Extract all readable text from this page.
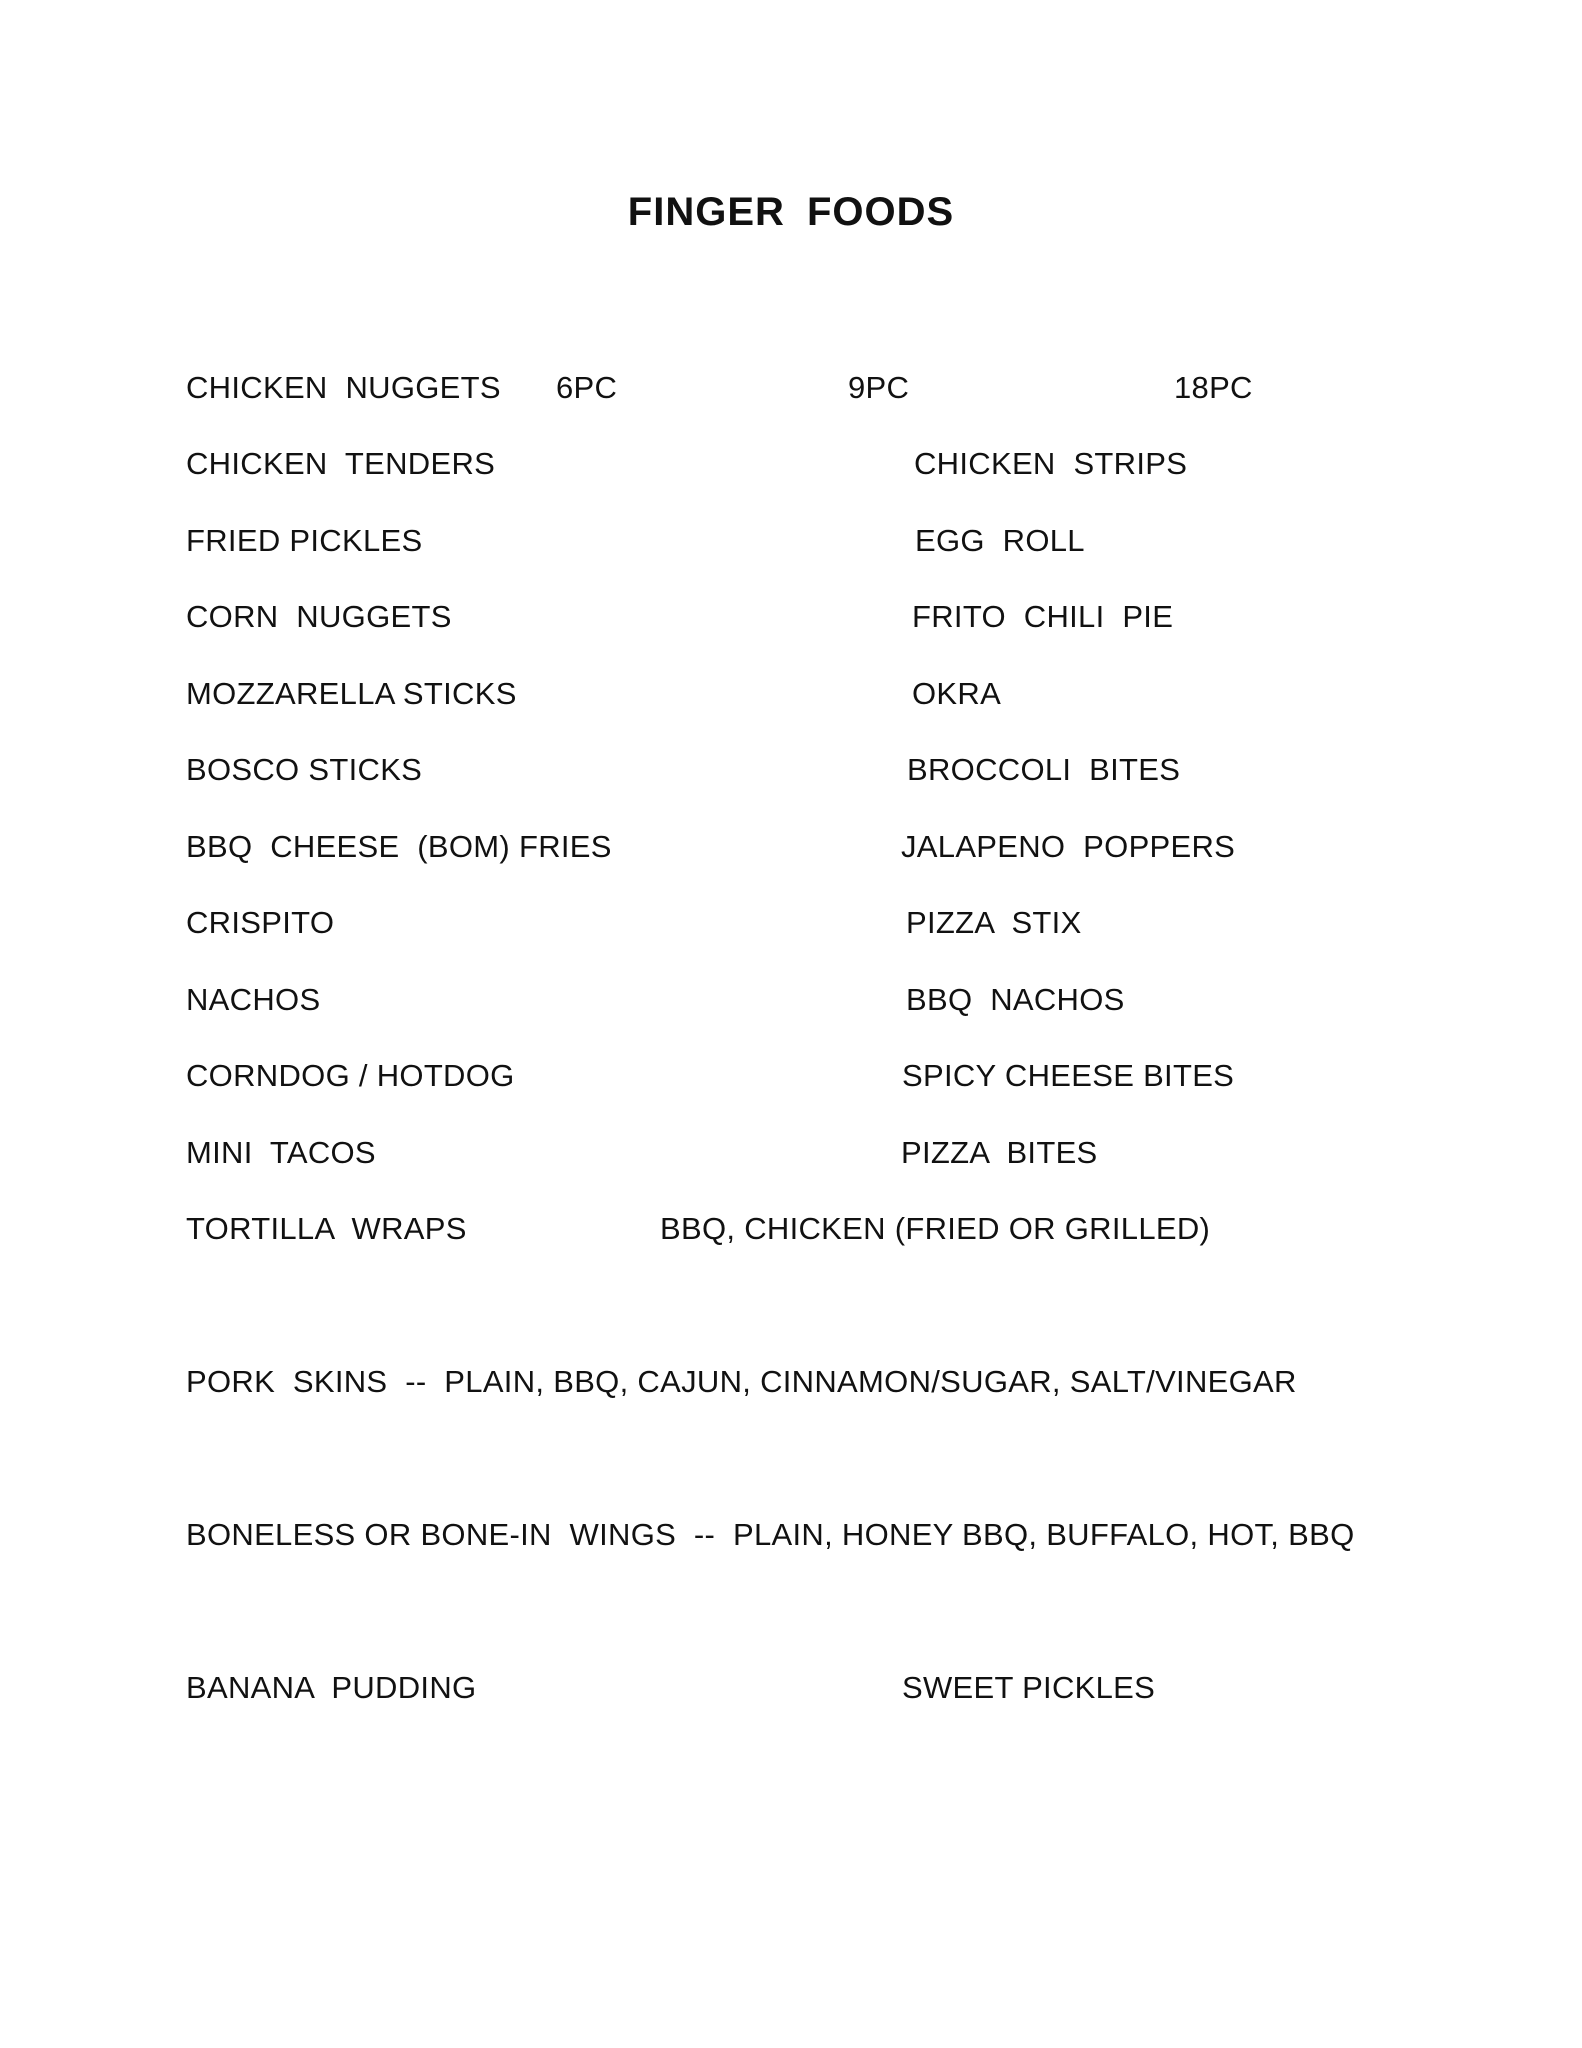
FINGER FOODS
CHICKEN  NUGGETS 6PC	9PC	18PC
CHICKEN  TENDERS	CHICKEN  STRIPS
FRIED PICKLES	EGG  ROLL
CORN  NUGGETS	FRITO  CHILI  PIE
MOZZARELLA STICKS	OKRA
BOSCO STICKS	BROCCOLI  BITES
BBQ  CHEESE  (BOM) FRIES	JALAPENO  POPPERS
CRISPITO	PIZZA  STIX
NACHOS	BBQ  NACHOS
CORNDOG / HOTDOG	SPICY CHEESE BITES
MINI  TACOS	PIZZA  BITES
TORTILLA  WRAPS	BBQ, CHICKEN (FRIED OR GRILLED)
PORK  SKINS  --  PLAIN, BBQ, CAJUN, CINNAMON/SUGAR, SALT/VINEGAR
BONELESS OR BONE-IN  WINGS  --  PLAIN, HONEY BBQ, BUFFALO, HOT, BBQ
BANANA  PUDDING	SWEET PICKLES
